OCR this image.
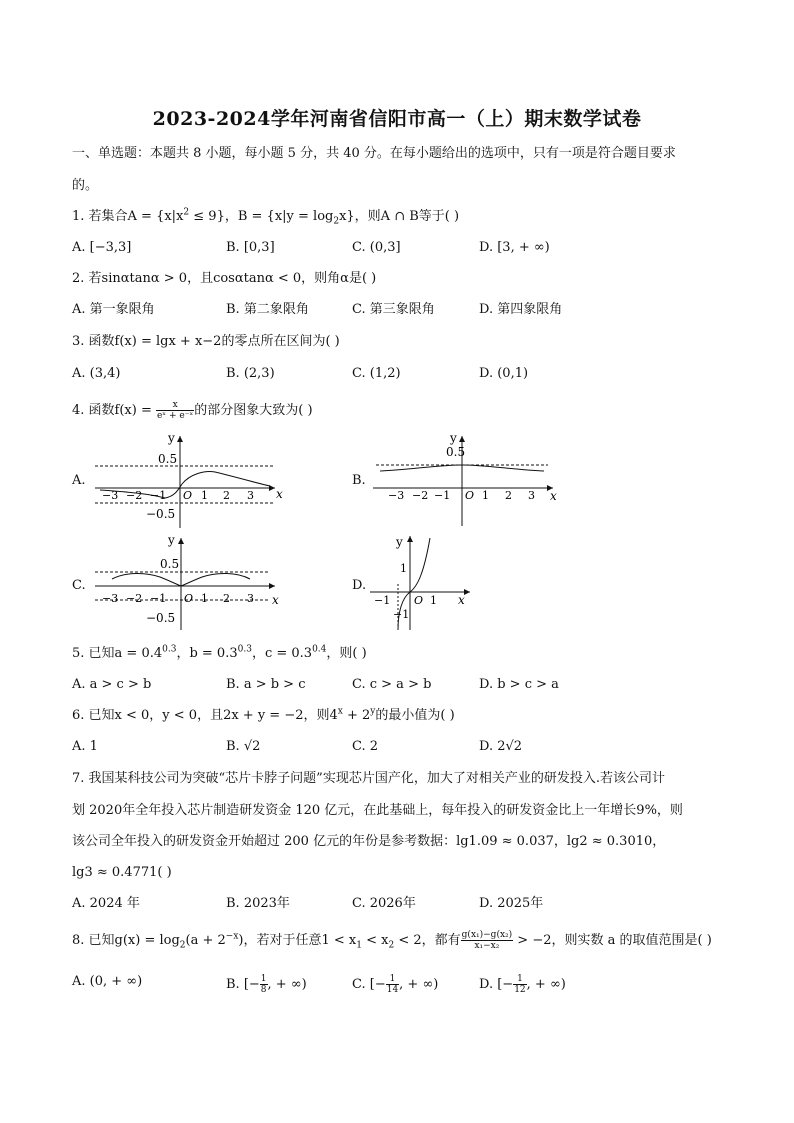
2023-2024学年河南省信阳市高一（上）期末数学试卷
一、单选题：本题共 8 小题，每小题 5 分，共 40 分。在每小题给出的选项中，只有一项是符合题目要求
的。
1. 若集合$A = \{x|x^2 \le 9\}$，$B = \{x|y = \log_2x\}$，则A ∩ B等于( )
A. [−3,3]	B. [0,3]	C. (0,3]	D. [3, + ∞)
2. 若sinαtanα > 0，且cosαtanα < 0，则角α是( )
A. 第一象限角	B. 第二象限角	C. 第三象限角	D. 第四象限角
3. 函数f(x) = lgx + x−2的零点所在区间为( )
A. (3,4)	B. (2,3)	C. (1,2)	D. (0,1)
4. 函数$f(x) = \frac{x}{\text{eˣ + e⁻ˣ}}$ 的部分图象大致为( )
A.
y
x
0.5
−0.5
−3 −2 −1 O 1 2 3
B.
y
x
0.5
−3 −2 −1 O 1 2 3
C.
y
x
0.5
−0.5
−3 −2 −1 O 1 2 3
D.
y
x
1
−1
−1
O 1
5. 已知$a = 0.4^{0.3}$，$b = 0.3^{0.3}$，$c = 0.3^{0.4}$，则( )
A. a > c > b	B. a > b > c	C. c > a > b	D. b > c > a
6. 已知x < 0，y < 0，且2x + y = −2，则$4^x + 2^y$的最小值为( )
A. 1	B. √2	C. 2	D. 2√2
7. 我国某科技公司为突破“芯片卡脖子问题”实现芯片国产化，加大了对相关产业的研发投入.若该公司计
划 2020年全年投入芯片制造研发资金 120 亿元，在此基础上，每年投入的研发资金比上一年增长9%，则
该公司全年投入的研发资金开始超过 200 亿元的年份是参考数据：lg1.09 ≈ 0.037，lg2 ≈ 0.3010，
lg3 ≈ 0.4771( )
A. 2024 年	B. 2023年	C. 2026年	D. 2025年
8. 已知$g(x) = \log_2(a + 2^{-x})$，若对于任意$1 < x_1 < x_2 < 2$，都有 $\frac{\text{g(x₁)−g(x₂)}}{\text{x₁−x₂}} > -2$，则实数 a 的取值范围是( )
A. (0, + ∞)	B. [− $\frac{1}{8}$ , + ∞)	C. [− $\frac{1}{14}$ , + ∞)	D. [− $\frac{1}{12}$ , + ∞)
